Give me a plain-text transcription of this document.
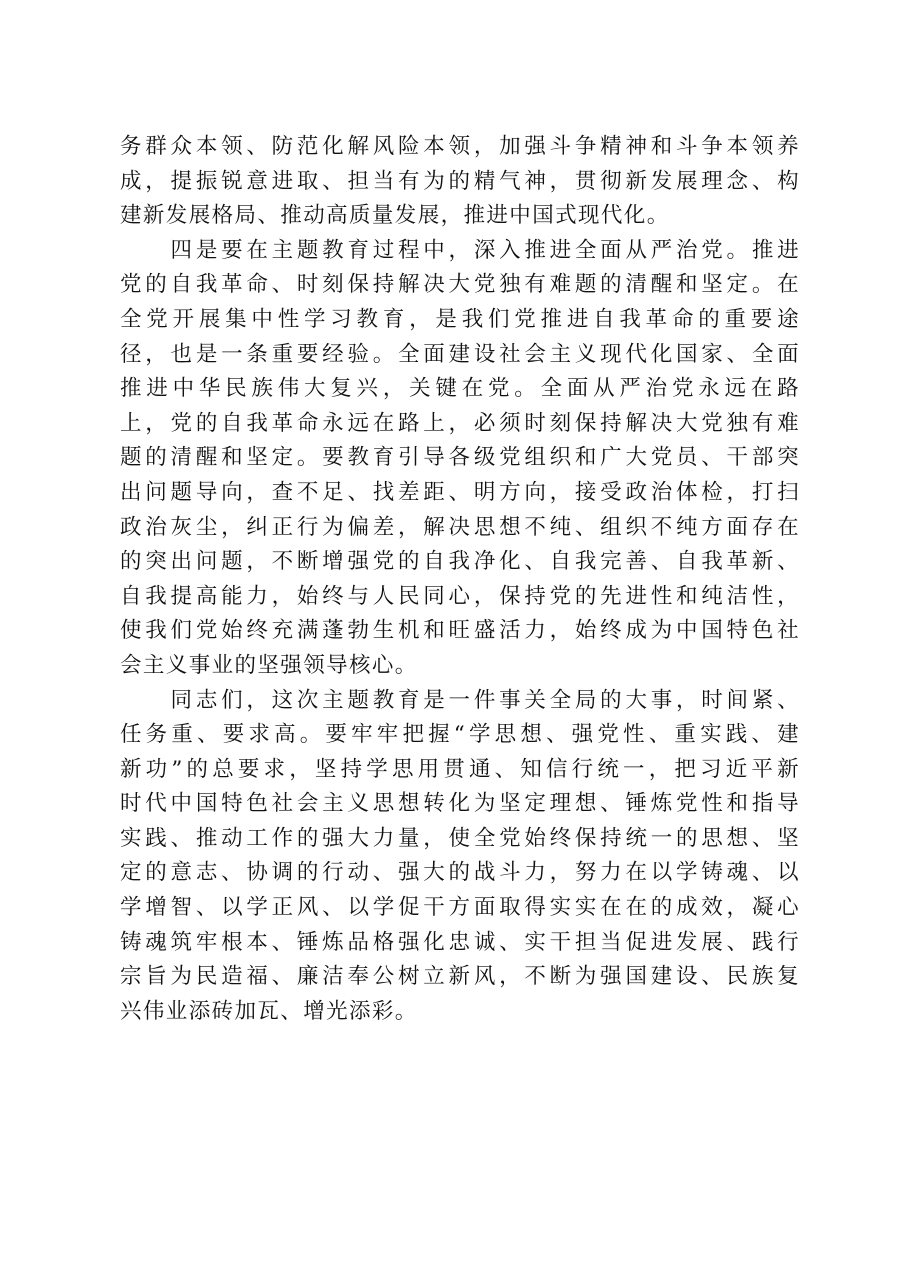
务群众本领、防范化解风险本领，加强斗争精神和斗争本领养
成，提振锐意进取、担当有为的精气神，贯彻新发展理念、构
建新发展格局、推动高质量发展，推进中国式现代化。
　　四是要在主题教育过程中，深入推进全面从严治党。推进
党的自我革命、时刻保持解决大党独有难题的清醒和坚定。在
全党开展集中性学习教育，是我们党推进自我革命的重要途
径，也是一条重要经验。全面建设社会主义现代化国家、全面
推进中华民族伟大复兴，关键在党。全面从严治党永远在路
上，党的自我革命永远在路上，必须时刻保持解决大党独有难
题的清醒和坚定。要教育引导各级党组织和广大党员、干部突
出问题导向，查不足、找差距、明方向，接受政治体检，打扫
政治灰尘，纠正行为偏差，解决思想不纯、组织不纯方面存在
的突出问题，不断增强党的自我净化、自我完善、自我革新、
自我提高能力，始终与人民同心，保持党的先进性和纯洁性，
使我们党始终充满蓬勃生机和旺盛活力，始终成为中国特色社
会主义事业的坚强领导核心。
　　同志们，这次主题教育是一件事关全局的大事，时间紧、
任务重、要求高。要牢牢把握“学思想、强党性、重实践、建
新功”的总要求，坚持学思用贯通、知信行统一，把习近平新
时代中国特色社会主义思想转化为坚定理想、锤炼党性和指导
实践、推动工作的强大力量，使全党始终保持统一的思想、坚
定的意志、协调的行动、强大的战斗力，努力在以学铸魂、以
学增智、以学正风、以学促干方面取得实实在在的成效，凝心
铸魂筑牢根本、锤炼品格强化忠诚、实干担当促进发展、践行
宗旨为民造福、廉洁奉公树立新风，不断为强国建设、民族复
兴伟业添砖加瓦、增光添彩。
